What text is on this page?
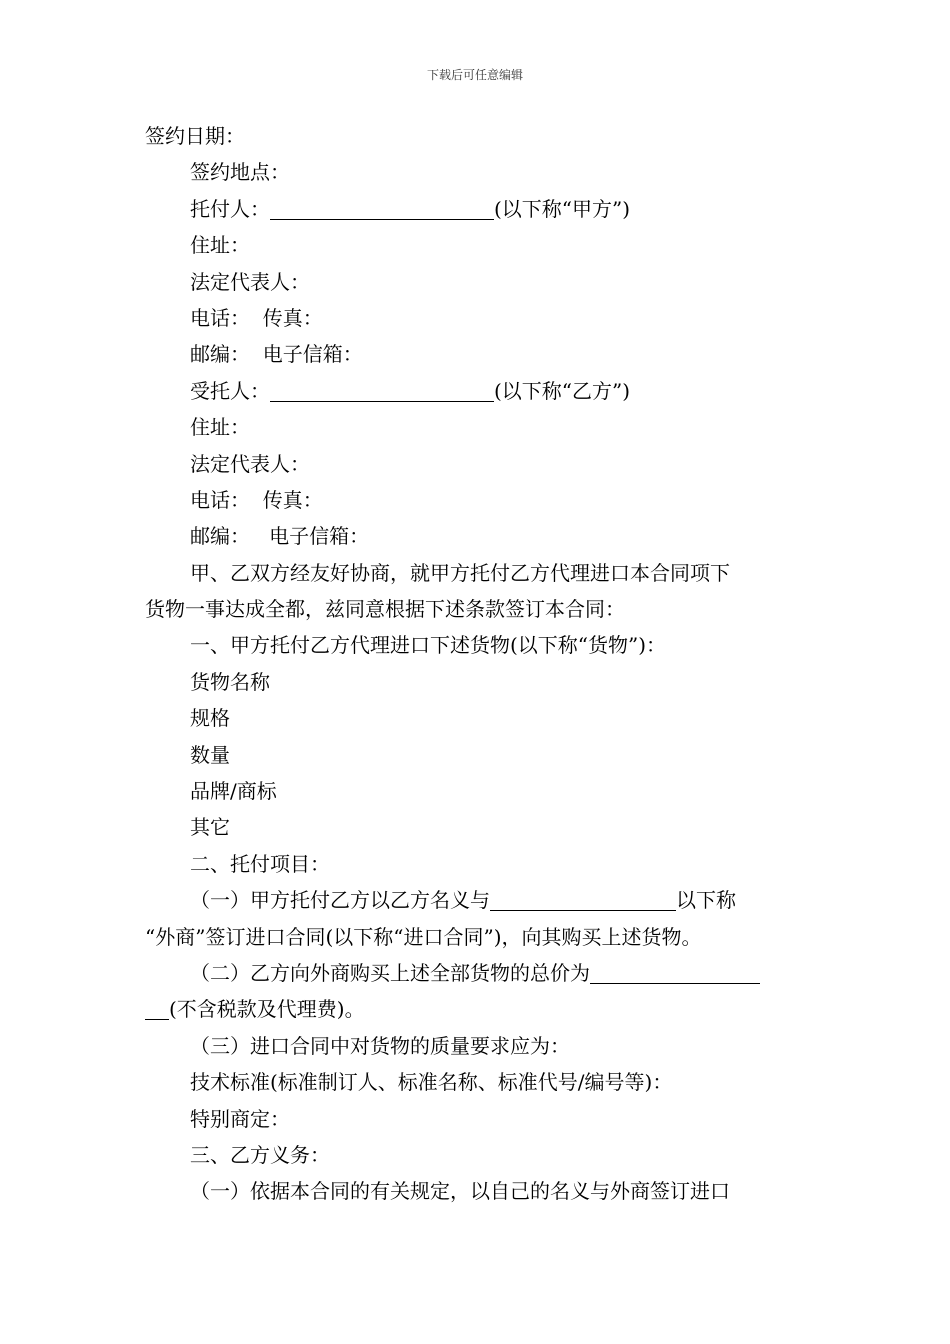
下载后可任意编辑
签约日期：
签约地点：
托付人：	(以下称“甲方”)
住址：
法定代表人：
电话：  传真：
邮编：  电子信箱：
受托人：	(以下称“乙方”)
住址：
法定代表人：
电话：  传真：
邮编：   电子信箱：
甲、乙双方经友好协商，就甲方托付乙方代理进口本合同项下
货物一事达成全都，兹同意根据下述条款签订本合同：
一、甲方托付乙方代理进口下述货物(以下称“货物”)：
货物名称
规格
数量
品牌/商标
其它
二、托付项目：
（一）甲方托付乙方以乙方名义与	以下称
“外商”签订进口合同(以下称“进口合同”)，向其购买上述货物。
（二）乙方向外商购买上述全部货物的总价为
(不含税款及代理费)。
（三）进口合同中对货物的质量要求应为：
技术标准(标准制订人、标准名称、标准代号/编号等)：
特别商定：
三、乙方义务：
（一）依据本合同的有关规定，以自己的名义与外商签订进口
